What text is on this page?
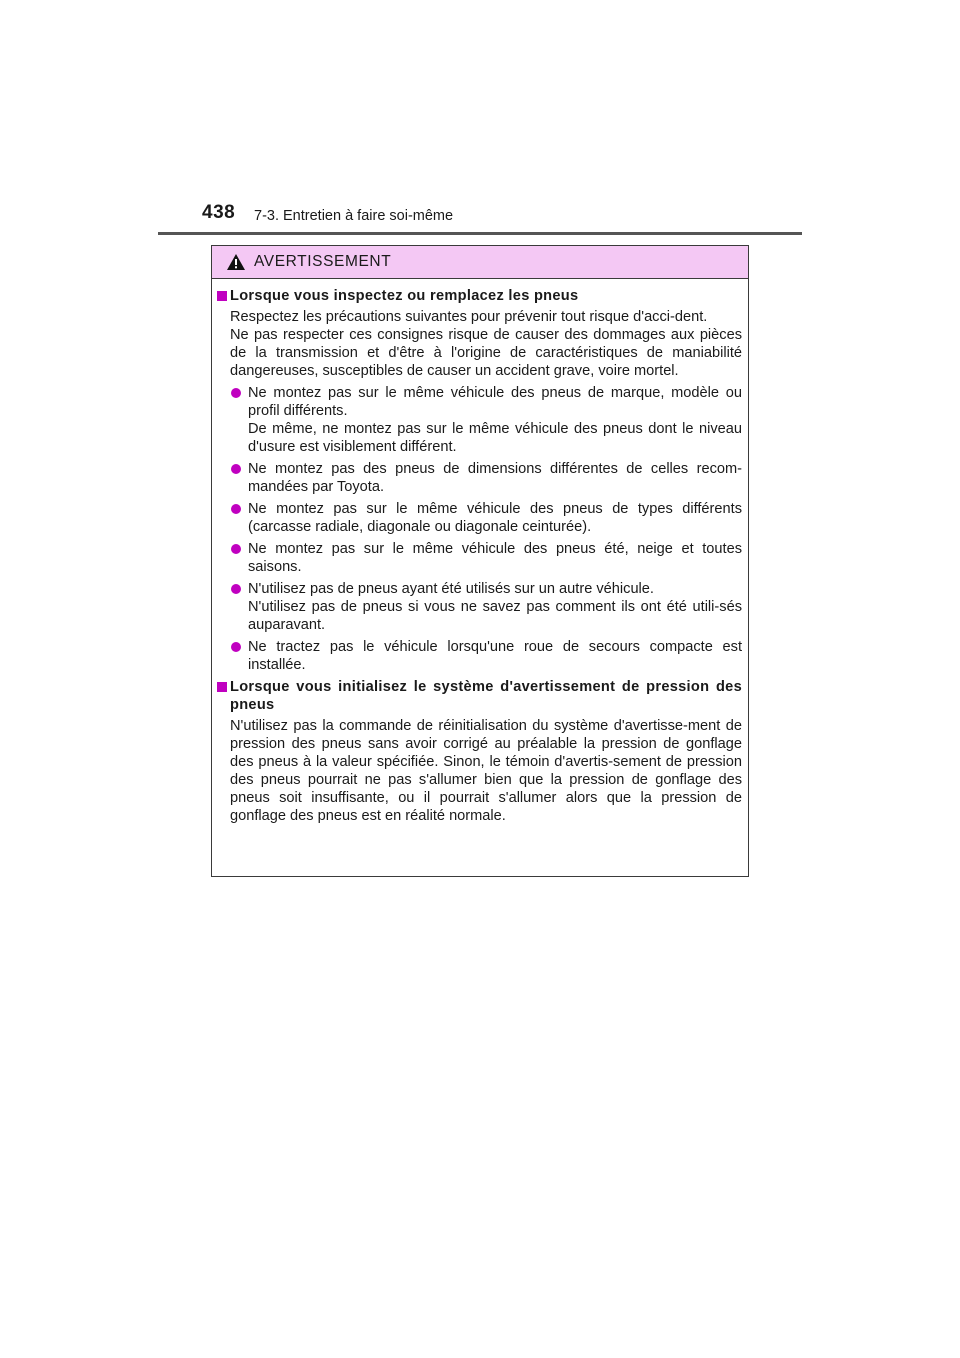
438 7-3. Entretien à faire soi-même
AVERTISSEMENT
Lorsque vous inspectez ou remplacez les pneus
Respectez les précautions suivantes pour prévenir tout risque d'acci-dent.
Ne pas respecter ces consignes risque de causer des dommages aux pièces de la transmission et d'être à l'origine de caractéristiques de maniabilité dangereuses, susceptibles de causer un accident grave, voire mortel.
Ne montez pas sur le même véhicule des pneus de marque, modèle ou profil différents.
De même, ne montez pas sur le même véhicule des pneus dont le niveau d'usure est visiblement différent.
Ne montez pas des pneus de dimensions différentes de celles recom-mandées par Toyota.
Ne montez pas sur le même véhicule des pneus de types différents (carcasse radiale, diagonale ou diagonale ceinturée).
Ne montez pas sur le même véhicule des pneus été, neige et toutes saisons.
N'utilisez pas de pneus ayant été utilisés sur un autre véhicule.
N'utilisez pas de pneus si vous ne savez pas comment ils ont été utili-sés auparavant.
Ne tractez pas le véhicule lorsqu'une roue de secours compacte est installée.
Lorsque vous initialisez le système d'avertissement de pression des pneus
N'utilisez pas la commande de réinitialisation du système d'avertisse-ment de pression des pneus sans avoir corrigé au préalable la pression de gonflage des pneus à la valeur spécifiée. Sinon, le témoin d'avertis-sement de pression des pneus pourrait ne pas s'allumer bien que la pression de gonflage des pneus soit insuffisante, ou il pourrait s'allumer alors que la pression de gonflage des pneus est en réalité normale.
